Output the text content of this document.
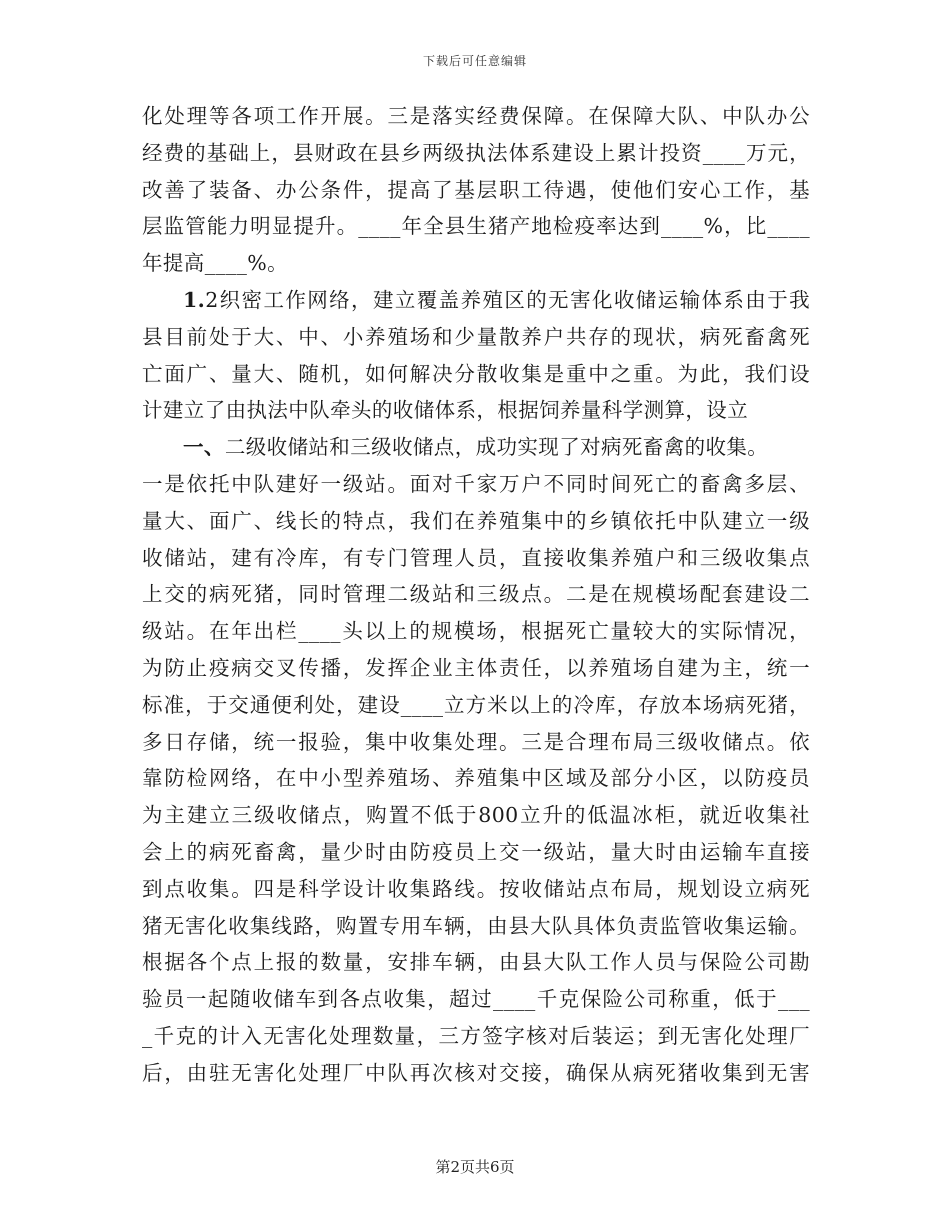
下载后可任意编辑
化处理等各项工作开展。三是落实经费保障。在保障大队、中队办公
经费的基础上，县财政在县乡两级执法体系建设上累计投资____万元，
改善了装备、办公条件，提高了基层职工待遇，使他们安心工作，基
层监管能力明显提升。____年全县生猪产地检疫率达到____%，比____
年提高____%。
1.2织密工作网络，建立覆盖养殖区的无害化收储运输体系由于我
县目前处于大、中、小养殖场和少量散养户共存的现状，病死畜禽死
亡面广、量大、随机，如何解决分散收集是重中之重。为此，我们设
计建立了由执法中队牵头的收储体系，根据饲养量科学测算，设立
一、二级收储站和三级收储点，成功实现了对病死畜禽的收集。
一是依托中队建好一级站。面对千家万户不同时间死亡的畜禽多层、
量大、面广、线长的特点，我们在养殖集中的乡镇依托中队建立一级
收储站，建有冷库，有专门管理人员，直接收集养殖户和三级收集点
上交的病死猪，同时管理二级站和三级点。二是在规模场配套建设二
级站。在年出栏____头以上的规模场，根据死亡量较大的实际情况，
为防止疫病交叉传播，发挥企业主体责任，以养殖场自建为主，统一
标准，于交通便利处，建设____立方米以上的冷库，存放本场病死猪，
多日存储，统一报验，集中收集处理。三是合理布局三级收储点。依
靠防检网络，在中小型养殖场、养殖集中区域及部分小区，以防疫员
为主建立三级收储点，购置不低于800立升的低温冰柜，就近收集社
会上的病死畜禽，量少时由防疫员上交一级站，量大时由运输车直接
到点收集。四是科学设计收集路线。按收储站点布局，规划设立病死
猪无害化收集线路，购置专用车辆，由县大队具体负责监管收集运输。
根据各个点上报的数量，安排车辆，由县大队工作人员与保险公司勘
验员一起随收储车到各点收集，超过____千克保险公司称重，低于___
_千克的计入无害化处理数量，三方签字核对后装运；到无害化处理厂
后，由驻无害化处理厂中队再次核对交接，确保从病死猪收集到无害
第2页共6页
